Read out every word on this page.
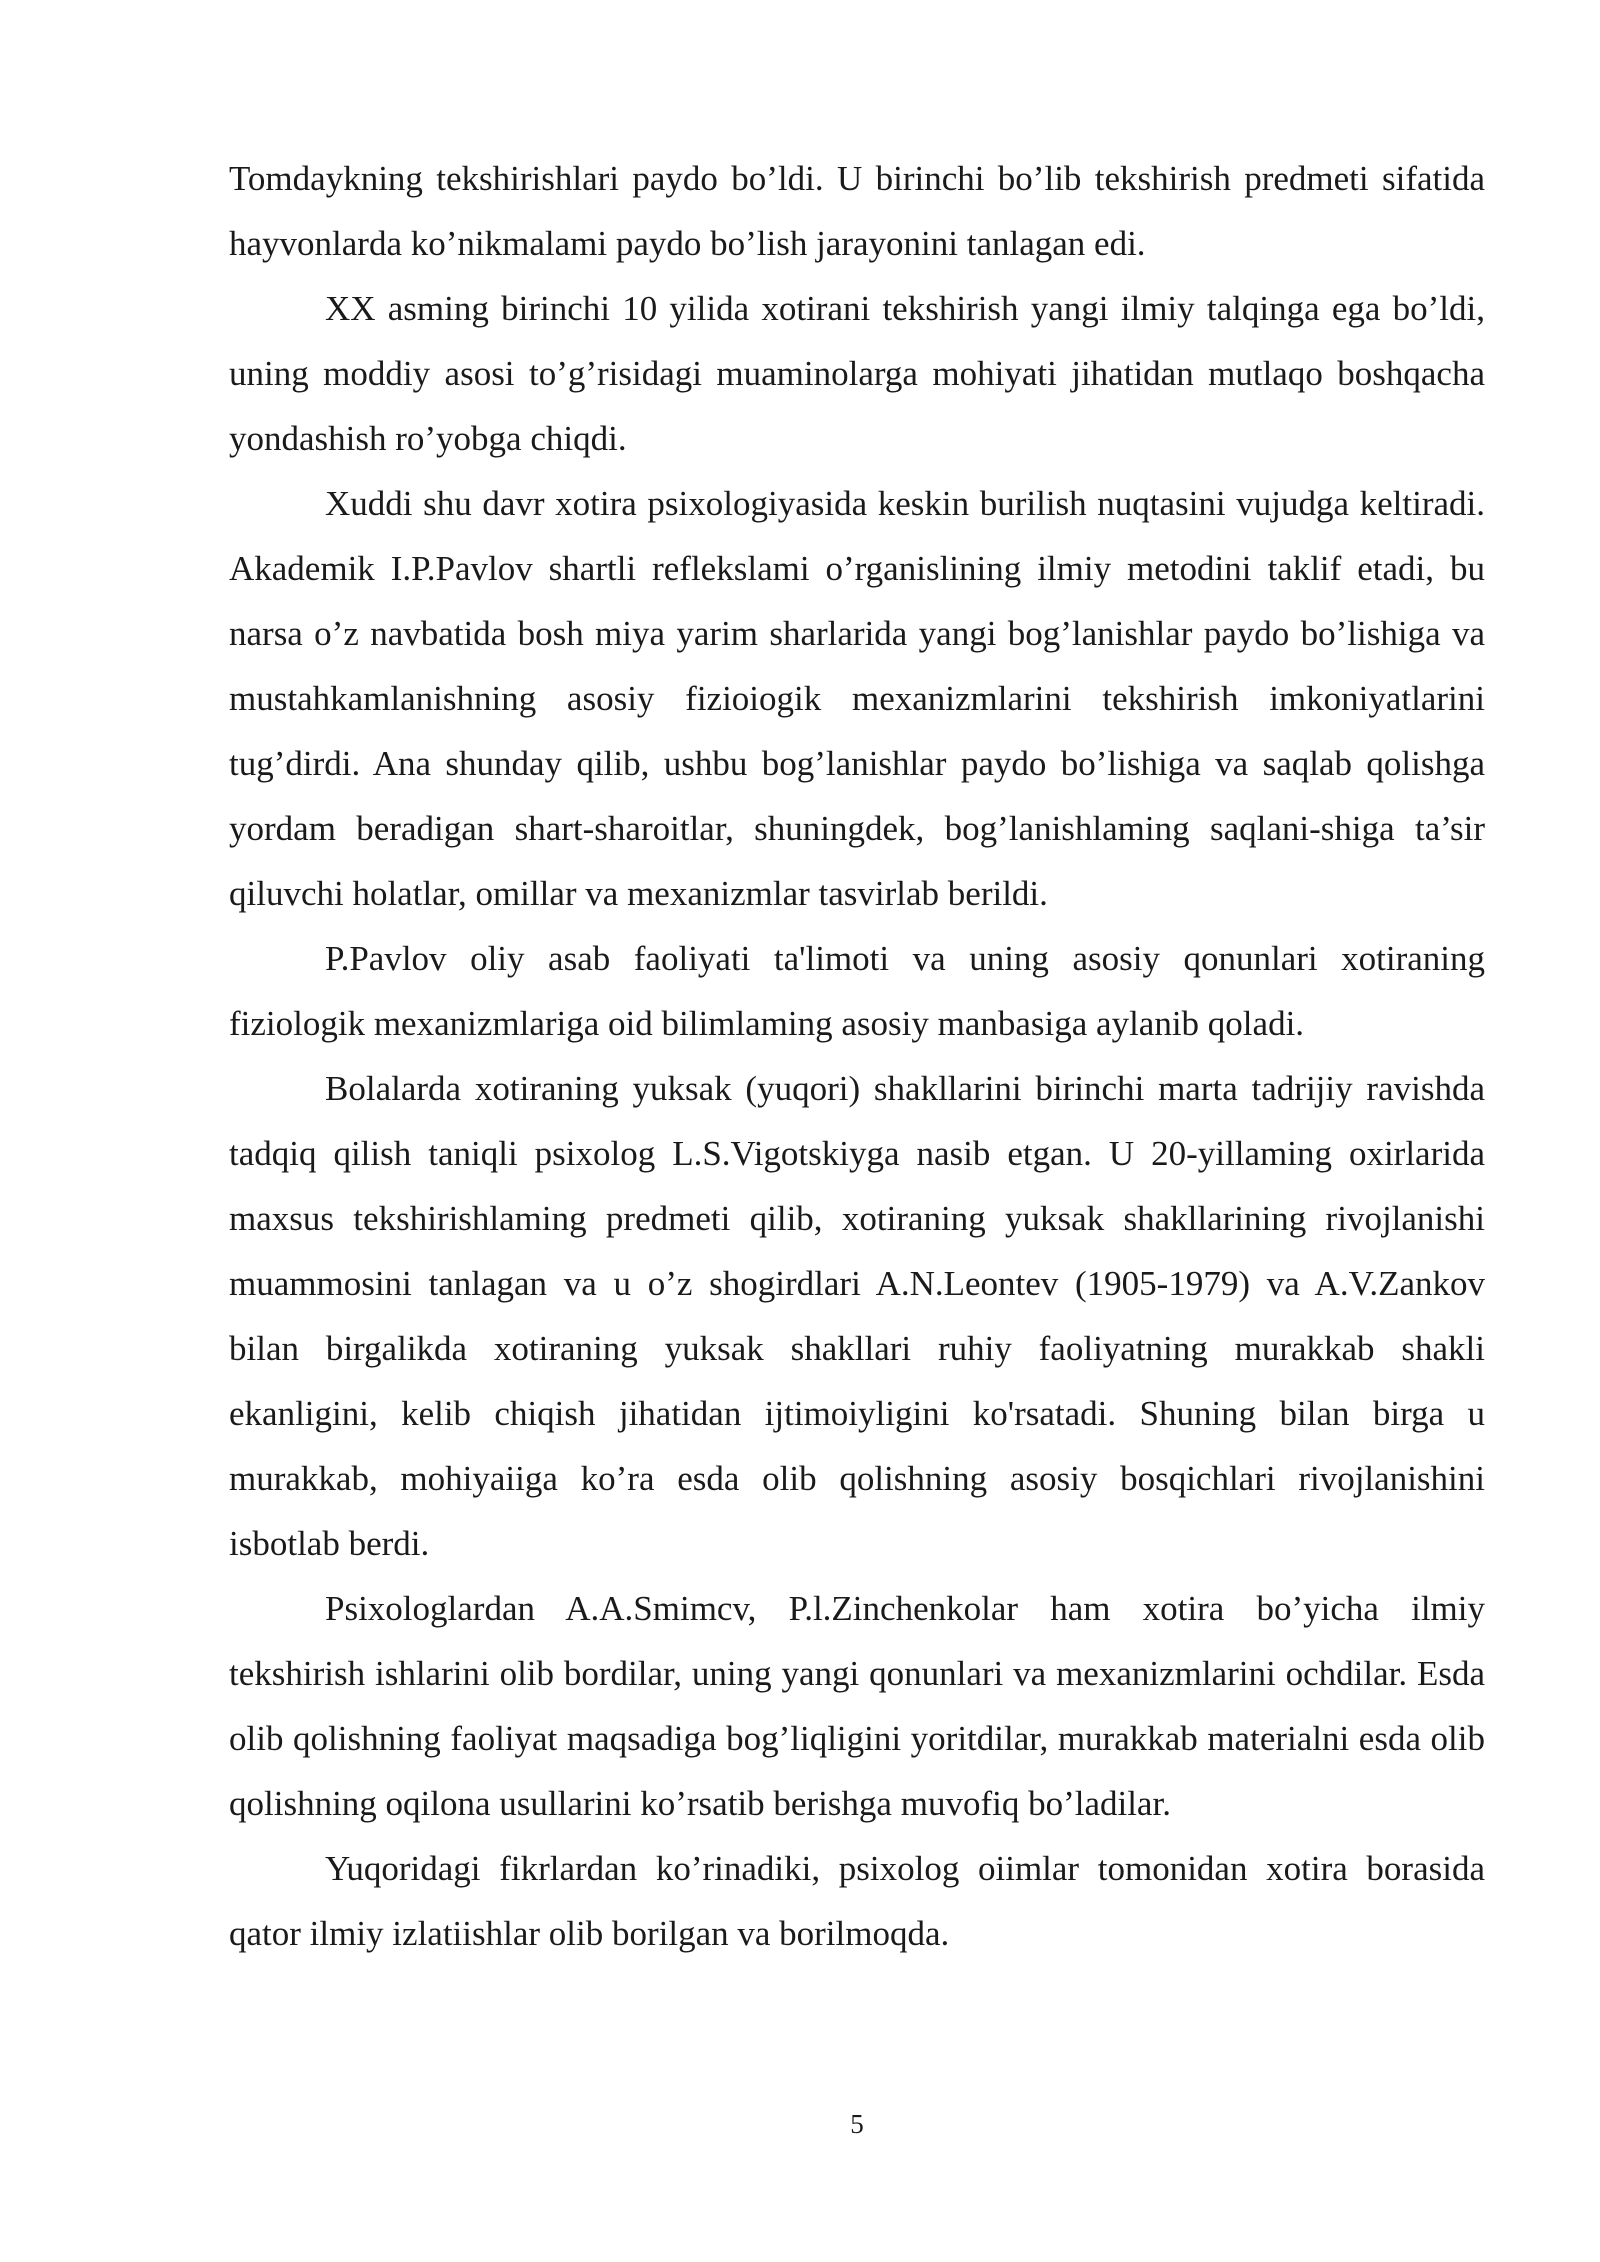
Tomdaykning tekshirishlari paydo bo’ldi. U birinchi bo’lib tekshirish predmeti sifatida hayvonlarda ko’nikmalami paydo bo’lish jarayonini tanlagan edi.

XX asming birinchi 10 yilida xotirani tekshirish yangi ilmiy talqinga ega bo’ldi, uning moddiy asosi to’g’risidagi muaminolarga mohiyati jihatidan mutlaqo boshqacha yondashish ro’yobga chiqdi.

Xuddi shu davr xotira psixologiyasida keskin burilish nuqtasini vujudga keltiradi. Akademik I.P.Pavlov shartli reflekslami o’rganislining ilmiy metodini taklif etadi, bu narsa o’z navbatida bosh miya yarim sharlarida yangi bog’lanishlar paydo bo’lishiga va mustahkamlanishning asosiy fizioiogik mexanizmlarini tekshirish imkoniyatlarini tug’dirdi. Ana shunday qilib, ushbu bog’lanishlar paydo bo’lishiga va saqlab qolishga yordam beradigan shart-sharoitlar, shuningdek, bog’lanishlaming saqlani-shiga ta’sir qiluvchi holatlar, omillar va mexanizmlar tasvirlab berildi.

P.Pavlov oliy asab faoliyati ta'limoti va uning asosiy qonunlari xotiraning fiziologik mexanizmlariga oid bilimlaming asosiy manbasiga aylanib qoladi.

Bolalarda xotiraning yuksak (yuqori) shakllarini birinchi marta tadrijiy ravishda tadqiq qilish taniqli psixolog L.S.Vigotskiyga nasib etgan. U 20-yillaming oxirlarida maxsus tekshirishlaming predmeti qilib, xotiraning yuksak shakllarining rivojlanishi muammosini tanlagan va u o’z shogirdlari A.N.Leontev (1905-1979) va A.V.Zankov bilan birgalikda xotiraning yuksak shakllari ruhiy faoliyatning murakkab shakli ekanligini, kelib chiqish jihatidan ijtimoiyligini ko'rsatadi. Shuning bilan birga u murakkab, mohiyaiiga ko’ra esda olib qolishning asosiy bosqichlari rivojlanishini isbotlab berdi.

Psixologlardan A.A.Smimcv, P.l.Zinchenkolar ham xotira bo’yicha ilmiy tekshirish ishlarini olib bordilar, uning yangi qonunlari va mexanizmlarini ochdilar. Esda olib qolishning faoliyat maqsadiga bog’liqligini yoritdilar, murakkab materialni esda olib qolishning oqilona usullarini ko’rsatib berishga muvofiq bo’ladilar.

Yuqoridagi fikrlardan ko’rinadiki, psixolog oiimlar tomonidan xotira borasida qator ilmiy izlatiishlar olib borilgan va borilmoqda.

5
